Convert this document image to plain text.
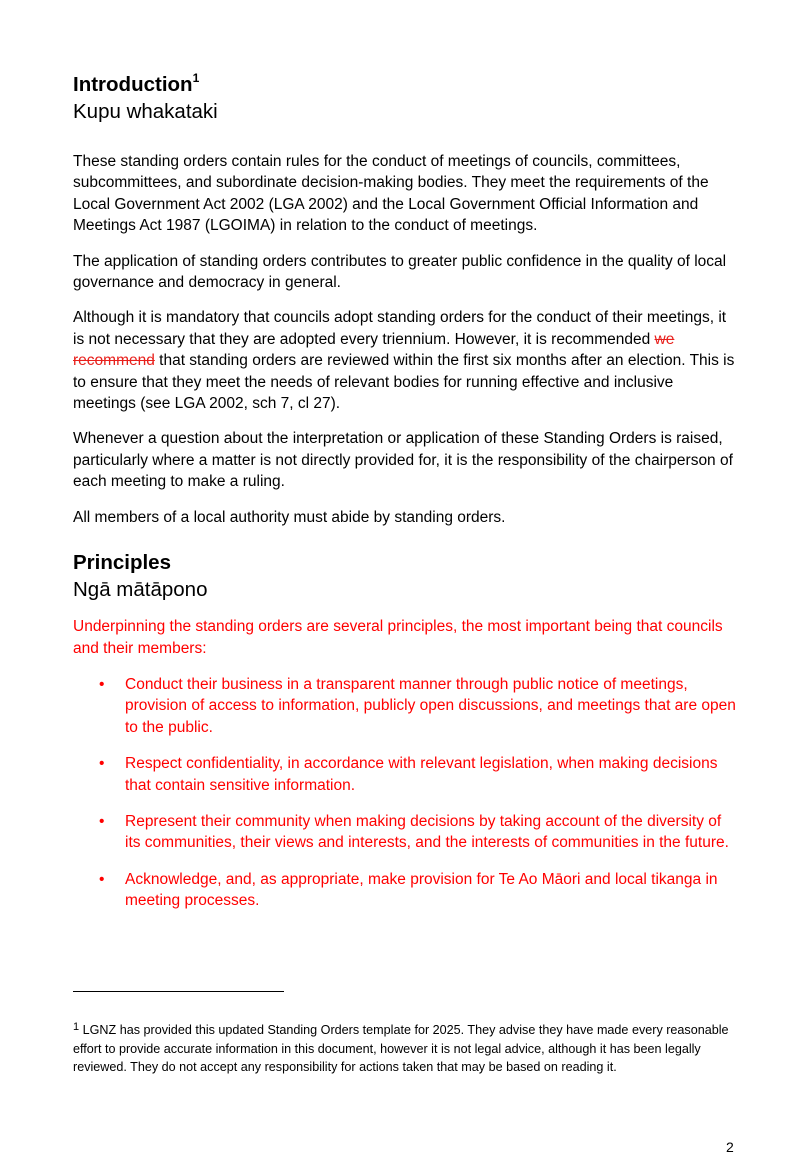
Introduction$^1$
Kupu whakataki

These standing orders contain rules for the conduct of meetings of councils, committees, subcommittees, and subordinate decision-making bodies. They meet the requirements of the Local Government Act 2002 (LGA 2002) and the Local Government Official Information and Meetings Act 1987 (LGOIMA) in relation to the conduct of meetings.

The application of standing orders contributes to greater public confidence in the quality of local governance and democracy in general.

Although it is mandatory that councils adopt standing orders for the conduct of their meetings, it is not necessary that they are adopted every triennium. However, it is recommended we recommend that standing orders are reviewed within the first six months after an election. This is to ensure that they meet the needs of relevant bodies for running effective and inclusive meetings (see LGA 2002, sch 7, cl 27).

Whenever a question about the interpretation or application of these Standing Orders is raised, particularly where a matter is not directly provided for, it is the responsibility of the chairperson of each meeting to make a ruling.

All members of a local authority must abide by standing orders.

Principles
Ngā mātāpono

Underpinning the standing orders are several principles, the most important being that councils and their members:

• Conduct their business in a transparent manner through public notice of meetings, provision of access to information, publicly open discussions, and meetings that are open to the public.
• Respect confidentiality, in accordance with relevant legislation, when making decisions that contain sensitive information.
• Represent their community when making decisions by taking account of the diversity of its communities, their views and interests, and the interests of communities in the future.
• Acknowledge, and, as appropriate, make provision for Te Ao Māori and local tikanga in meeting processes.
$^1$ LGNZ has provided this updated Standing Orders template for 2025. They advise they have made every reasonable effort to provide accurate information in this document, however it is not legal advice, although it has been legally reviewed. They do not accept any responsibility for actions taken that may be based on reading it.
2
